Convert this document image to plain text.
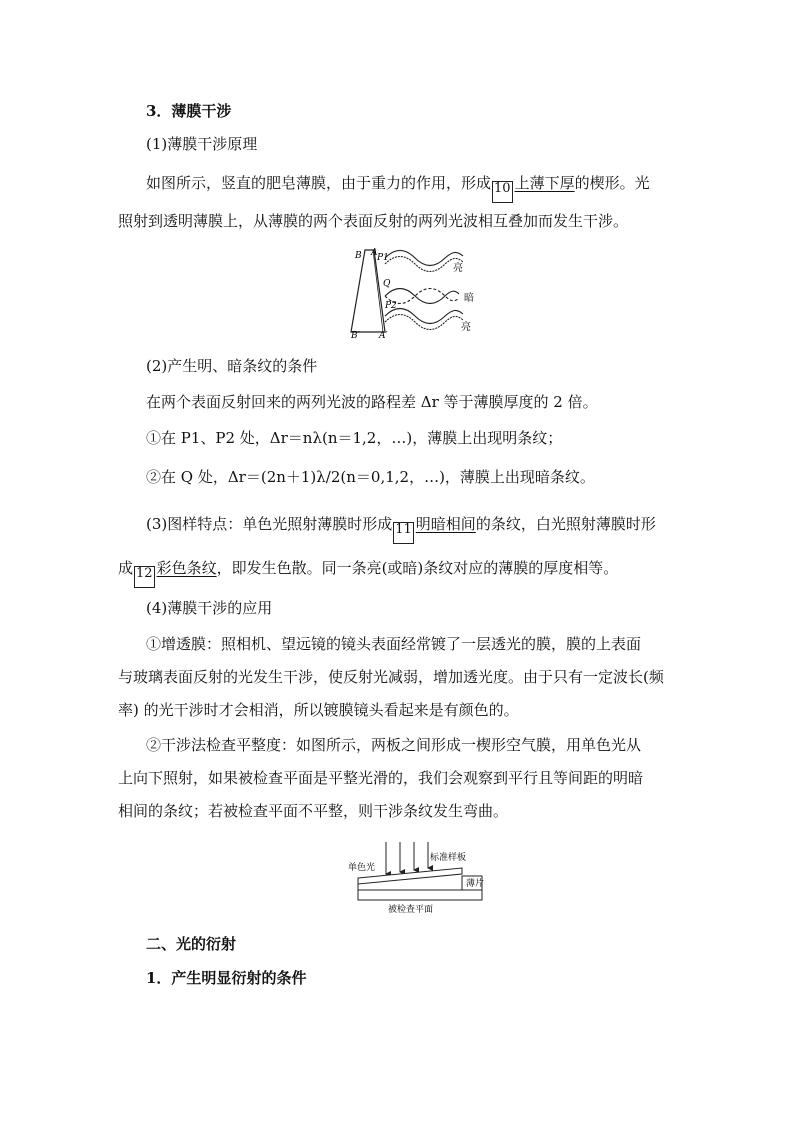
3．薄膜干涉
(1)薄膜干涉原理
如图所示，竖直的肥皂薄膜，由于重力的作用，形成 10 上薄下厚的楔形。光
照射到透明薄膜上，从薄膜的两个表面反射的两列光波相互叠加而发生干涉。
B A P1
Q
P2
B′ A′
亮
暗
亮
(2)产生明、暗条纹的条件
在两个表面反射回来的两列光波的路程差 Δr 等于薄膜厚度的 2 倍。
①在 P1、P2 处，Δr＝nλ(n＝1,2，…)，薄膜上出现明条纹；
②在 Q 处，Δr＝(2n＋1)λ/2(n＝0,1,2，…)，薄膜上出现暗条纹。
(3)图样特点：单色光照射薄膜时形成 11 明暗相间的条纹，白光照射薄膜时形
成 12 彩色条纹，即发生色散。同一条亮(或暗)条纹对应的薄膜的厚度相等。
(4)薄膜干涉的应用
①增透膜：照相机、望远镜的镜头表面经常镀了一层透光的膜，膜的上表面
与玻璃表面反射的光发生干涉，使反射光减弱，增加透光度。由于只有一定波长(频
率) 的光干涉时才会相消，所以镀膜镜头看起来是有颜色的。
②干涉法检查平整度：如图所示，两板之间形成一楔形空气膜，用单色光从
上向下照射，如果被检查平面是平整光滑的，我们会观察到平行且等间距的明暗
相间的条纹；若被检查平面不平整，则干涉条纹发生弯曲。
单色光
标准样板
薄片
被检查平面
二、光的衍射
1．产生明显衍射的条件
